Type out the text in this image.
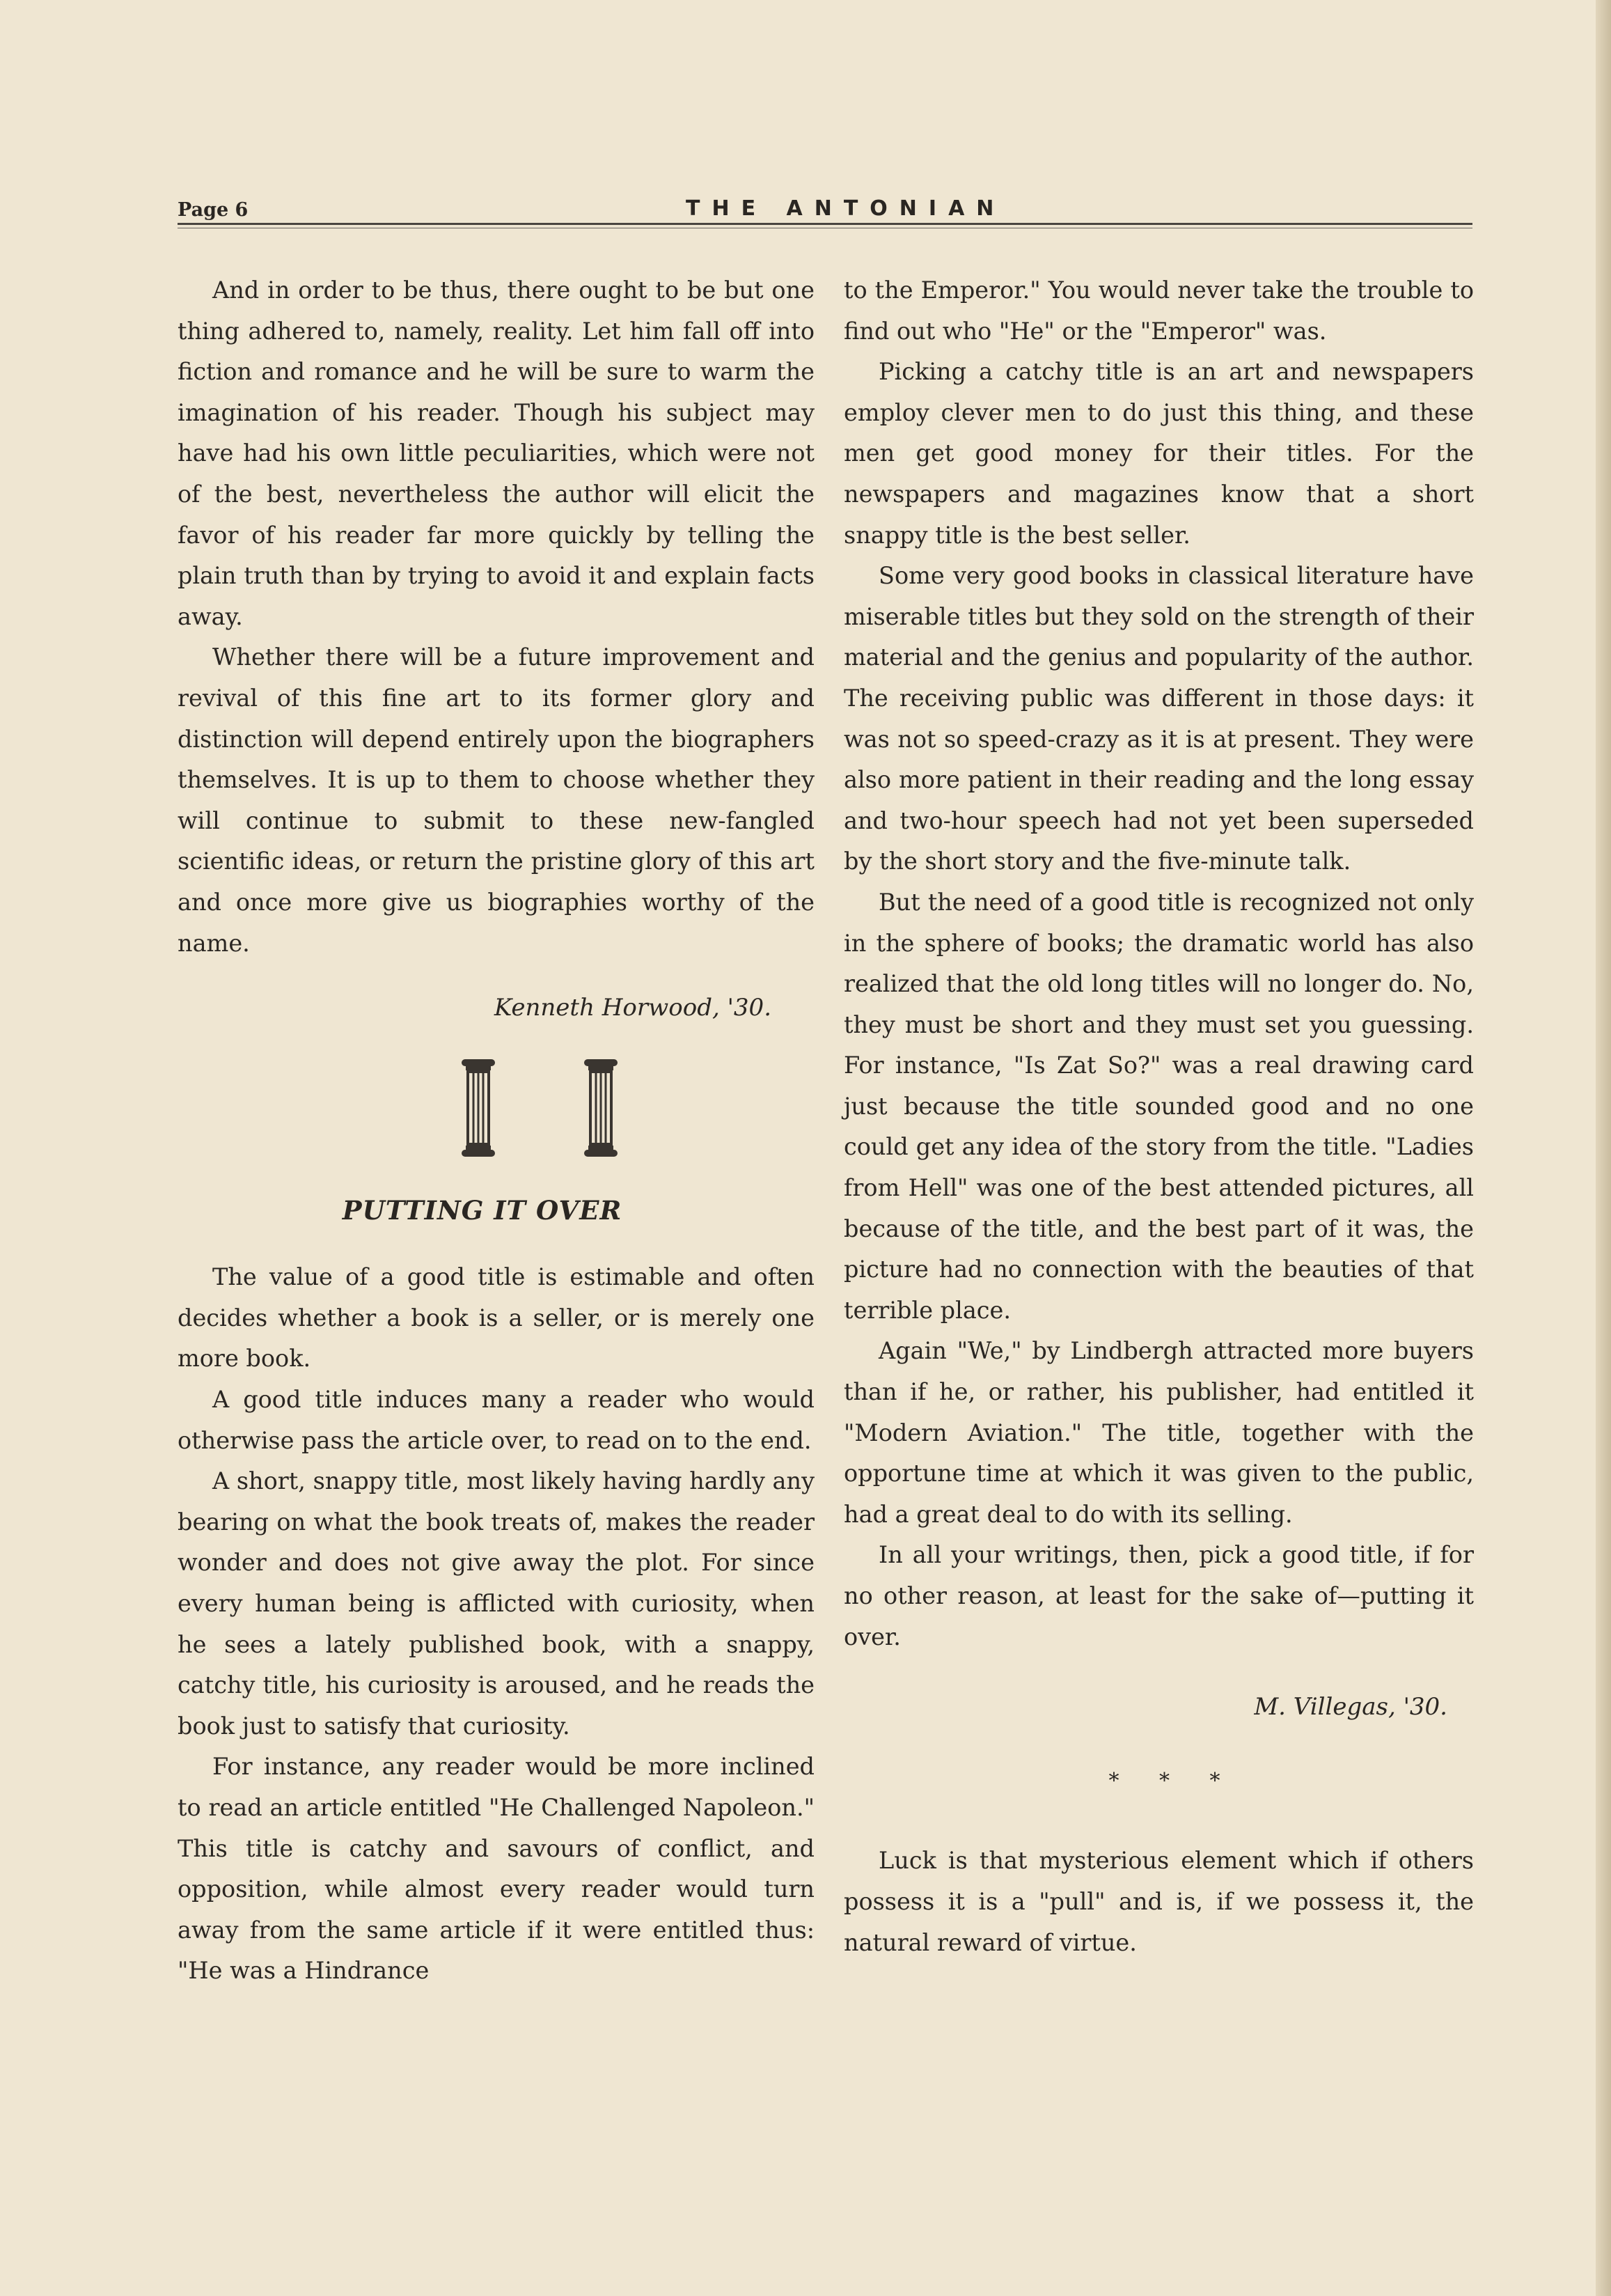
Page 6	THE ANTONIAN

And in order to be thus, there ought to be but one thing adhered to, namely, reality. Let him fall off into fiction and romance and he will be sure to warm the imagination of his reader. Though his subject may have had his own little peculiarities, which were not of the best, nevertheless the author will elicit the favor of his reader far more quickly by telling the plain truth than by trying to avoid it and explain facts away.

Whether there will be a future improvement and revival of this fine art to its former glory and distinction will depend entirely upon the biographers themselves. It is up to them to choose whether they will continue to submit to these new-fangled scientific ideas, or return the pristine glory of this art and once more give us biographies worthy of the name.

Kenneth Horwood, '30.
PUTTING IT OVER

The value of a good title is estimable and often decides whether a book is a seller, or is merely one more book.

A good title induces many a reader who would otherwise pass the article over, to read on to the end.

A short, snappy title, most likely having hardly any bearing on what the book treats of, makes the reader wonder and does not give away the plot. For since every human being is afflicted with curiosity, when he sees a lately published book, with a snappy, catchy title, his curiosity is aroused, and he reads the book just to satisfy that curiosity.

For instance, any reader would be more inclined to read an article entitled "He Challenged Napoleon." This title is catchy and savours of conflict, and opposition, while almost every reader would turn away from the same article if it were entitled thus: "He was a Hindrance

to the Emperor." You would never take the trouble to find out who "He" or the "Emperor" was.

Picking a catchy title is an art and newspapers employ clever men to do just this thing, and these men get good money for their titles. For the newspapers and magazines know that a short snappy title is the best seller.

Some very good books in classical literature have miserable titles but they sold on the strength of their material and the genius and popularity of the author. The receiving public was different in those days: it was not so speed-crazy as it is at present. They were also more patient in their reading and the long essay and two-hour speech had not yet been superseded by the short story and the five-minute talk.

But the need of a good title is recognized not only in the sphere of books; the dramatic world has also realized that the old long titles will no longer do. No, they must be short and they must set you guessing. For instance, "Is Zat So?" was a real drawing card just because the title sounded good and no one could get any idea of the story from the title. "Ladies from Hell" was one of the best attended pictures, all because of the title, and the best part of it was, the picture had no connection with the beauties of that terrible place.

Again "We," by Lindbergh attracted more buyers than if he, or rather, his publisher, had entitled it "Modern Aviation." The title, together with the opportune time at which it was given to the public, had a great deal to do with its selling.

In all your writings, then, pick a good title, if for no other reason, at least for the sake of—putting it over.

M. Villegas, '30.
* * *

Luck is that mysterious element which if others possess it is a "pull" and is, if we possess it, the natural reward of virtue.
